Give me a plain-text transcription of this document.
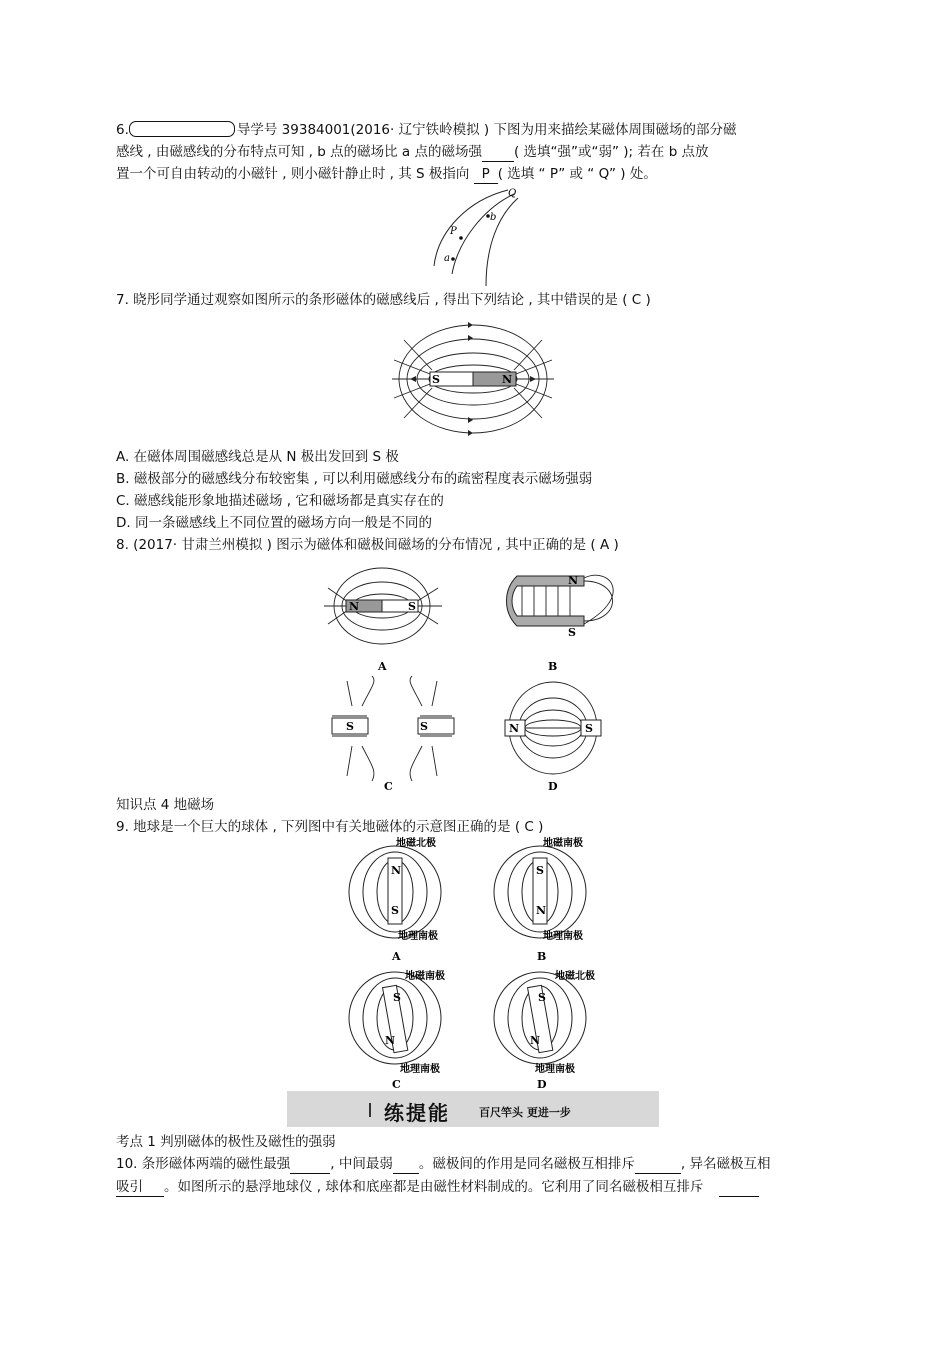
6.	导学号 39384001(2016· 辽宁铁岭模拟 ) 下图为用来描绘某磁体周围磁场的部分磁
感线 , 由磁感线的分布特点可知 , b 点的磁场比 a 点的磁场强 ( 选填“强”或“弱” ); 若在 b 点放
置一个可自由转动的小磁针 , 则小磁针静止时 , 其 S 极指向 P ( 选填 “ P” 或 “ Q” ) 处。
Q
b
P
a
7. 晓彤同学通过观察如图所示的条形磁体的磁感线后 , 得出下列结论 , 其中错误的是 ( C )
S	N
A. 在磁体周围磁感线总是从 N 极出发回到 S 极
B. 磁极部分的磁感线分布较密集 , 可以利用磁感线分布的疏密程度表示磁场强弱
C. 磁感线能形象地描述磁场 , 它和磁场都是真实存在的
D. 同一条磁感线上不同位置的磁场方向一般是不同的
8. (2017· 甘肃兰州模拟 ) 图示为磁体和磁极间磁场的分布情况 , 其中正确的是 ( A )
N	S
A
N
S
B
S	S
C
N	S
D
知识点 4 地磁场
9. 地球是一个巨大的球体 , 下列图中有关地磁体的示意图正确的是 ( C )
地磁北极
地理南极
N
S
A
地磁南极
地理南极
S
N
B
地磁南极
地理南极
S
N
C
地磁北极
地理南极
S
N
D
练提能	百尺竿头 更进一步
考点 1 判别磁体的极性及磁性的强弱
10. 条形磁体两端的磁性最强	, 中间最弱 。磁极间的作用是同名磁极互相排斥	, 异名磁极互相
吸引 。如图所示的悬浮地球仪 , 球体和底座都是由磁性材料制成的。它利用了同名磁极相互排斥
